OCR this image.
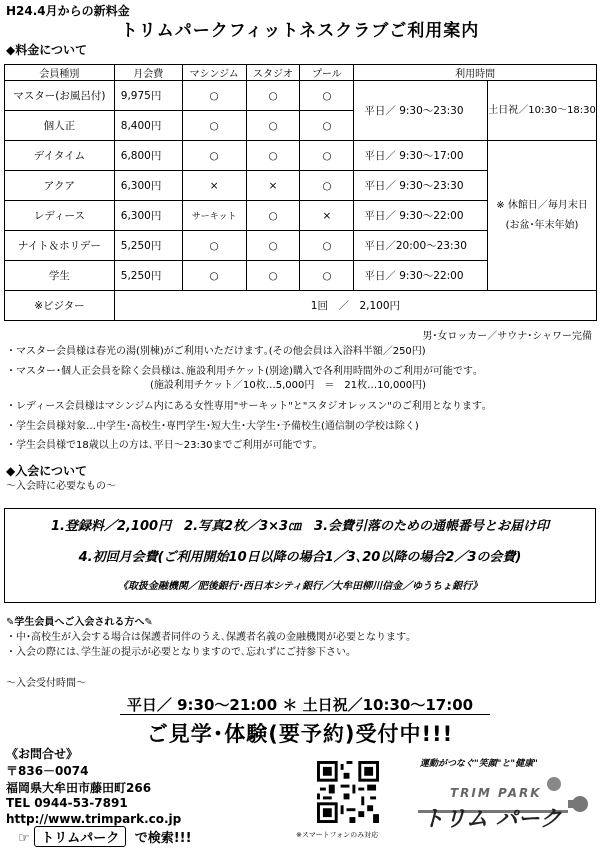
H24.4月からの新料金
トリムパークフィットネスクラブご利用案内
◆料金について
会員種別	月会費	マシンジム	スタジオ	プール	利用時間	
マスター(お風呂付)	9,975円	○	○	○	平日／ 9:30～23:30	土日祝／10:30～18:30
個人正	8,400円	○	○	○		
デイタイム	6,800円	○	○	○	平日／ 9:30～17:00	※ 休館日／毎月末日
(お盆･年末年始)

アクア	6,300円	×	×	○	平日／ 9:30～23:30	
レディース	6,300円	サーキット	○	×	平日／ 9:30～22:00	
ナイト＆ホリデー	5,250円	○	○	○	平日／20:00～23:30	
学生	5,250円	○	○	○	平日／ 9:30～22:00	
※ビジター	1回　／　2,100円					
男･女ロッカー／サウナ･シャワー完備
・マスター会員様は春光の湯(別棟)がご利用いただけます｡(その他会員は入浴料半額／250円)
・マスター･個人正会員を除く会員様は､施設利用チケット(別途)購入で各利用時間外のご利用が可能です｡
(施設利用チケット／10枚…5,000円　＝　21枚…10,000円)
・レディース会員様はマシンジム内にある女性専用"サーキット"と"スタジオレッスン"のご利用となります｡
・学生会員様対象…中学生･高校生･専門学生･短大生･大学生･予備校生(通信制の学校は除く)
・学生会員様で18歳以上の方は､平日～23:30までご利用が可能です｡
◆入会について
～入会時に必要なもの～
1.登録料／2,100円　2.写真2枚／3×3㎝　3.会費引落のための通帳番号とお届け印
4.初回月会費(ご利用開始10日以降の場合1／3､20以降の場合2／3の会費)
《取扱金融機関／肥後銀行･西日本シティ銀行／大牟田柳川信金／ゆうちょ銀行》
✎学生会員へご入会される方へ✎
・中･高校生が入会する場合は保護者同伴のうえ､保護者名義の金融機関が必要となります｡
・入会の際には､学生証の提示が必要となりますので､忘れずにご持参下さい｡
～入会受付時間～
平日／ 9:30～21:00 ＊ 土日祝／10:30～17:00
ご見学･体験(要予約)受付中!!!
《お問合せ》
〒836－0074
福岡県大牟田市藤田町266
TEL 0944-53-7891
http://www.trimpark.co.jp
☞ トリムパーク で検索!!!	※スマートフォンのみ対応
運動がつなぐ"笑顔"と"健康"
TRIM PARK
トリム パーク
